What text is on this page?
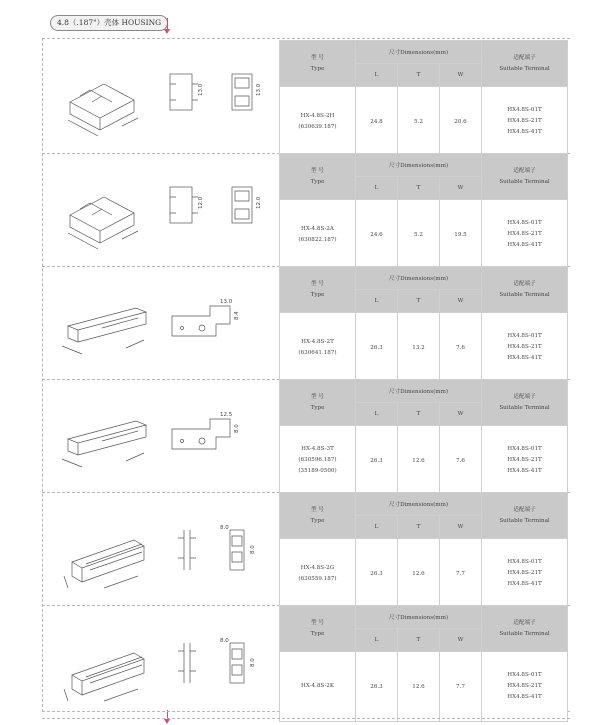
4.8（.187"）壳体 HOUSING
13.0	13.0
型 号
Type	尺寸Dimensions(mm)			适配端子
Suitable Terminal

	L	T	W	

HX-4.8S-2H
(630639.187)	24.8	5.2	20.6	HX4.8S-01T
HX4.8S-21T
HX4.8S-41T
12.0	12.0
型 号
Type	尺寸Dimensions(mm)			适配端子
Suitable Terminal

	L	T	W	

HX-4.8S-2A
(630822.187)	24.6	5.2	19.5	HX4.8S-01T
HX4.8S-21T
HX4.8S-41T
13.0
8.4
型 号
Type	尺寸Dimensions(mm)			适配端子
Suitable Terminal

	L	T	W	

HX-4.8S-2T
(630641.187)	26.3	13.2	7.6	HX4.8S-01T
HX4.8S-21T
HX4.8S-41T
12.5
8.0
型 号
Type	尺寸Dimensions(mm)			适配端子
Suitable Terminal

	L	T	W	

HX-4.8S-3T
(630596.187)
(35189-0500)	26.3	12.6	7.6	HX4.8S-01T
HX4.8S-21T
HX4.8S-41T
8.0
8.0
型 号
Type	尺寸Dimensions(mm)			适配端子
Suitable Terminal

	L	T	W	

HX-4.8S-2G
(630559.187)	26.3	12.6	7.7	HX4.8S-01T
HX4.8S-21T
HX4.8S-41T
8.0
8.0
型 号
Type	尺寸Dimensions(mm)			适配端子
Suitable Terminal

	L	T	W	

HX-4.8S-2K	26.3	12.6	7.7	HX4.8S-01T
HX4.8S-21T
HX4.8S-41T
